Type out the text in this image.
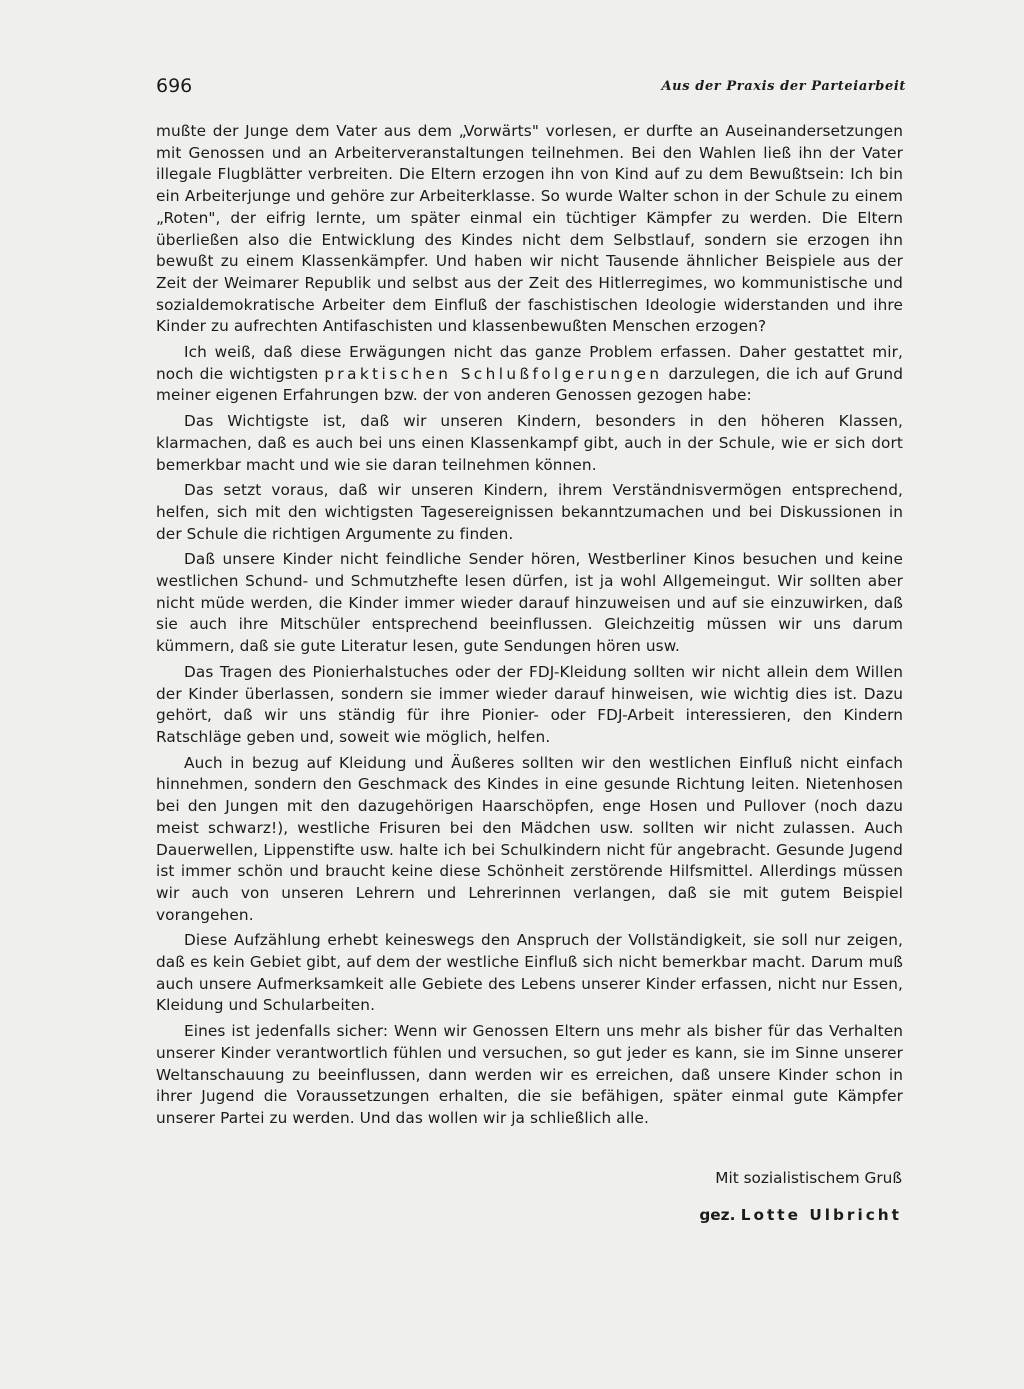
696	Aus der Praxis der Parteiarbeit

mußte der Junge dem Vater aus dem „Vorwärts" vorlesen, er durfte an Auseinandersetzungen mit Genossen und an Arbeiterveranstaltungen teilnehmen. Bei den Wahlen ließ ihn der Vater illegale Flugblätter verbreiten. Die Eltern erzogen ihn von Kind auf zu dem Bewußtsein: Ich bin ein Arbeiterjunge und gehöre zur Arbeiterklasse. So wurde Walter schon in der Schule zu einem „Roten", der eifrig lernte, um später einmal ein tüchtiger Kämpfer zu werden. Die Eltern überließen also die Entwicklung des Kindes nicht dem Selbstlauf, sondern sie erzogen ihn bewußt zu einem Klassenkämpfer. Und haben wir nicht Tausende ähnlicher Beispiele aus der Zeit der Weimarer Republik und selbst aus der Zeit des Hitlerregimes, wo kommunistische und sozialdemokratische Arbeiter dem Einfluß der faschistischen Ideologie widerstanden und ihre Kinder zu aufrechten Antifaschisten und klassenbewußten Menschen erzogen?

Ich weiß, daß diese Erwägungen nicht das ganze Problem erfassen. Daher gestattet mir, noch die wichtigsten praktischen Schlußfolgerungen darzulegen, die ich auf Grund meiner eigenen Erfahrungen bzw. der von anderen Genossen gezogen habe:

Das Wichtigste ist, daß wir unseren Kindern, besonders in den höheren Klassen, klarmachen, daß es auch bei uns einen Klassenkampf gibt, auch in der Schule, wie er sich dort bemerkbar macht und wie sie daran teilnehmen können.

Das setzt voraus, daß wir unseren Kindern, ihrem Verständnisvermögen entsprechend, helfen, sich mit den wichtigsten Tagesereignissen bekanntzumachen und bei Diskussionen in der Schule die richtigen Argumente zu finden.

Daß unsere Kinder nicht feindliche Sender hören, Westberliner Kinos besuchen und keine westlichen Schund- und Schmutzhefte lesen dürfen, ist ja wohl Allgemeingut. Wir sollten aber nicht müde werden, die Kinder immer wieder darauf hinzuweisen und auf sie einzuwirken, daß sie auch ihre Mitschüler entsprechend beeinflussen. Gleichzeitig müssen wir uns darum kümmern, daß sie gute Literatur lesen, gute Sendungen hören usw.

Das Tragen des Pionierhalstuches oder der FDJ-Kleidung sollten wir nicht allein dem Willen der Kinder überlassen, sondern sie immer wieder darauf hinweisen, wie wichtig dies ist. Dazu gehört, daß wir uns ständig für ihre Pionier- oder FDJ-Arbeit interessieren, den Kindern Ratschläge geben und, soweit wie möglich, helfen.

Auch in bezug auf Kleidung und Äußeres sollten wir den westlichen Einfluß nicht einfach hinnehmen, sondern den Geschmack des Kindes in eine gesunde Richtung leiten. Nietenhosen bei den Jungen mit den dazugehörigen Haarschöpfen, enge Hosen und Pullover (noch dazu meist schwarz!), westliche Frisuren bei den Mädchen usw. sollten wir nicht zulassen. Auch Dauerwellen, Lippenstifte usw. halte ich bei Schulkindern nicht für angebracht. Gesunde Jugend ist immer schön und braucht keine diese Schönheit zerstörende Hilfsmittel. Allerdings müssen wir auch von unseren Lehrern und Lehrerinnen verlangen, daß sie mit gutem Beispiel vorangehen.

Diese Aufzählung erhebt keineswegs den Anspruch der Vollständigkeit, sie soll nur zeigen, daß es kein Gebiet gibt, auf dem der westliche Einfluß sich nicht bemerkbar macht. Darum muß auch unsere Aufmerksamkeit alle Gebiete des Lebens unserer Kinder erfassen, nicht nur Essen, Kleidung und Schularbeiten.

Eines ist jedenfalls sicher: Wenn wir Genossen Eltern uns mehr als bisher für das Verhalten unserer Kinder verantwortlich fühlen und versuchen, so gut jeder es kann, sie im Sinne unserer Weltanschauung zu beeinflussen, dann werden wir es erreichen, daß unsere Kinder schon in ihrer Jugend die Voraussetzungen erhalten, die sie befähigen, später einmal gute Kämpfer unserer Partei zu werden. Und das wollen wir ja schließlich alle.

Mit sozialistischem Gruß
gez. Lotte Ulbricht
